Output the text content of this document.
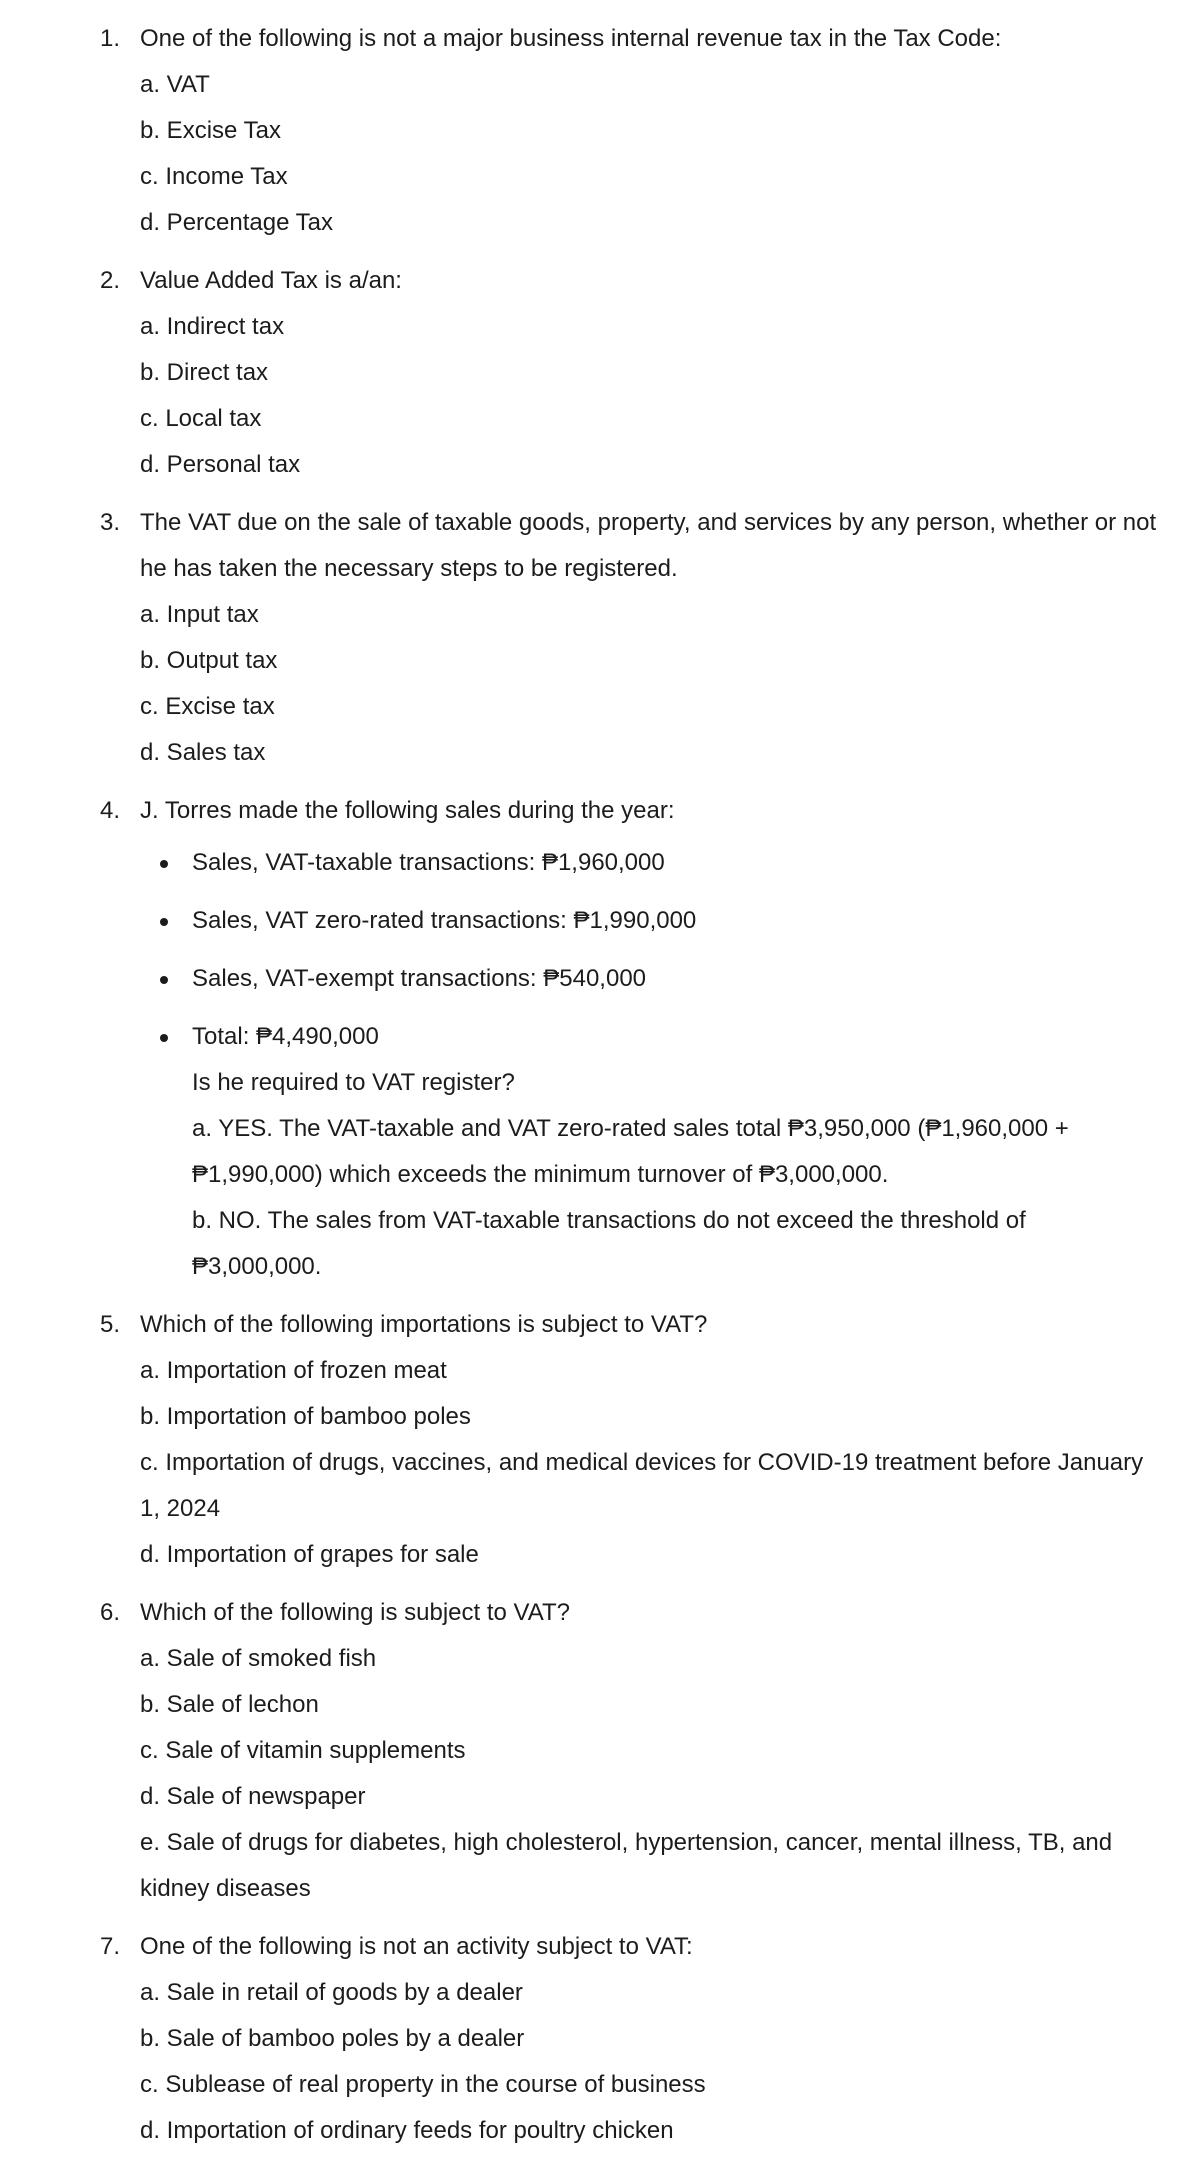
1. One of the following is not a major business internal revenue tax in the Tax Code:
a. VAT
b. Excise Tax
c. Income Tax
d. Percentage Tax
2. Value Added Tax is a/an:
a. Indirect tax
b. Direct tax
c. Local tax
d. Personal tax
3. The VAT due on the sale of taxable goods, property, and services by any person, whether or not he has taken the necessary steps to be registered.
a. Input tax
b. Output tax
c. Excise tax
d. Sales tax
4. J. Torres made the following sales during the year:
Sales, VAT-taxable transactions: ₱1,960,000
Sales, VAT zero-rated transactions: ₱1,990,000
Sales, VAT-exempt transactions: ₱540,000
Total: ₱4,490,000
Is he required to VAT register?
a. YES. The VAT-taxable and VAT zero-rated sales total ₱3,950,000 (₱1,960,000 + ₱1,990,000) which exceeds the minimum turnover of ₱3,000,000.
b. NO. The sales from VAT-taxable transactions do not exceed the threshold of ₱3,000,000.
5. Which of the following importations is subject to VAT?
a. Importation of frozen meat
b. Importation of bamboo poles
c. Importation of drugs, vaccines, and medical devices for COVID-19 treatment before January 1, 2024
d. Importation of grapes for sale
6. Which of the following is subject to VAT?
a. Sale of smoked fish
b. Sale of lechon
c. Sale of vitamin supplements
d. Sale of newspaper
e. Sale of drugs for diabetes, high cholesterol, hypertension, cancer, mental illness, TB, and kidney diseases
7. One of the following is not an activity subject to VAT:
a. Sale in retail of goods by a dealer
b. Sale of bamboo poles by a dealer
c. Sublease of real property in the course of business
d. Importation of ordinary feeds for poultry chicken
